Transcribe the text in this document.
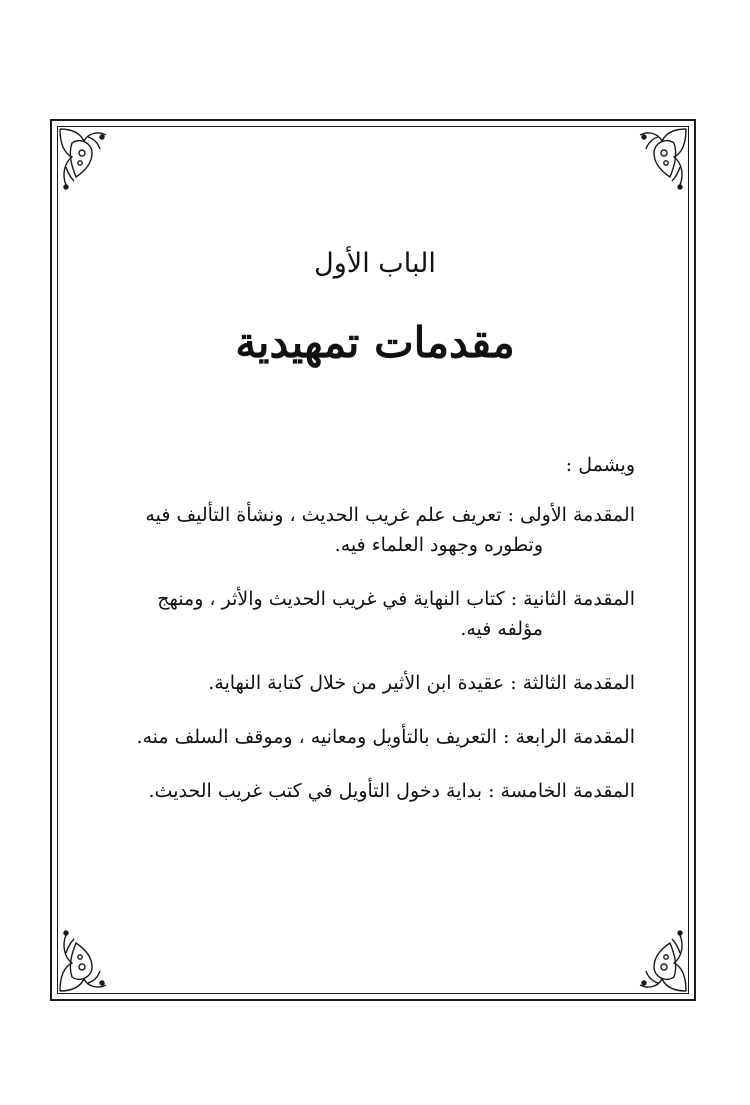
الباب الأول
مقدمات تمهيدية
ويشمل :
المقدمة الأولى : تعريف علم غريب الحديث ، ونشأة التأليف فيه
وتطوره وجهود العلماء فيه.
المقدمة الثانية : كتاب النهاية في غريب الحديث والأثر ، ومنهج
مؤلفه فيه.
المقدمة الثالثة : عقيدة ابن الأثير من خلال كتابة النهاية.
المقدمة الرابعة : التعريف بالتأويل ومعانيه ، وموقف السلف منه.
المقدمة الخامسة : بداية دخول التأويل في كتب غريب الحديث.
